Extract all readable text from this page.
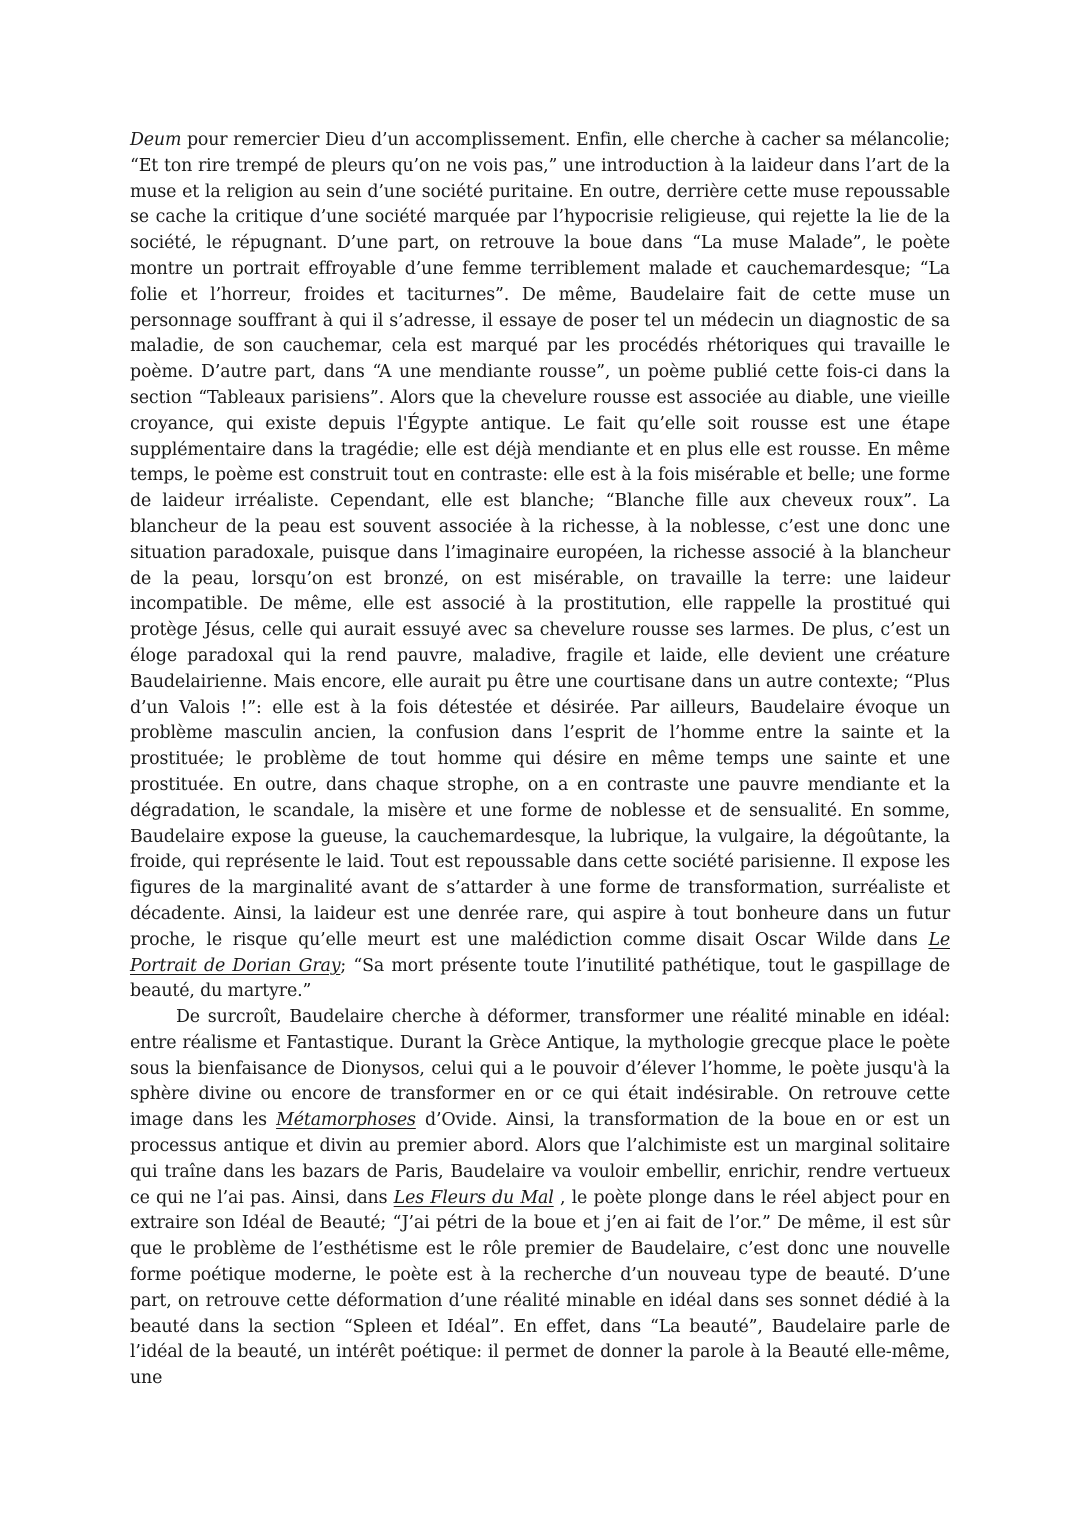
Deum pour remercier Dieu d’un accomplissement. Enfin, elle cherche à cacher sa mélancolie; “Et ton rire trempé de pleurs qu’on ne vois pas,” une introduction à la laideur dans l’art de la muse et la religion au sein d’une société puritaine. En outre, derrière cette muse repoussable se cache la critique d’une société marquée par l’hypocrisie religieuse, qui rejette la lie de la société, le répugnant. D’une part, on retrouve la boue dans “La muse Malade”, le poète montre un portrait effroyable d’une femme terriblement malade et cauchemardesque; “La folie et l’horreur, froides et taciturnes”. De même, Baudelaire fait de cette muse un personnage souffrant à qui il s’adresse, il essaye de poser tel un médecin un diagnostic de sa maladie, de son cauchemar, cela est marqué par les procédés rhétoriques qui travaille le poème. D’autre part, dans “A une mendiante rousse”, un poème publié cette fois-ci dans la section “Tableaux parisiens”. Alors que la chevelure rousse est associée au diable, une vieille croyance, qui existe depuis l'Égypte antique. Le fait qu’elle soit rousse est une étape supplémentaire dans la tragédie; elle est déjà mendiante et en plus elle est rousse. En même temps, le poème est construit tout en contraste: elle est à la fois misérable et belle; une forme de laideur irréaliste. Cependant, elle est blanche; “Blanche fille aux cheveux roux”. La blancheur de la peau est souvent associée à la richesse, à la noblesse, c’est une donc une situation paradoxale, puisque dans l’imaginaire européen, la richesse associé à la blancheur de la peau, lorsqu’on est bronzé, on est misérable, on travaille la terre: une laideur incompatible. De même, elle est associé à la prostitution, elle rappelle la prostitué qui protège Jésus, celle qui aurait essuyé avec sa chevelure rousse ses larmes. De plus, c’est un éloge paradoxal qui la rend pauvre, maladive, fragile et laide, elle devient une créature Baudelairienne. Mais encore, elle aurait pu être une courtisane dans un autre contexte; “Plus d’un Valois !”: elle est à la fois détestée et désirée. Par ailleurs, Baudelaire évoque un problème masculin ancien, la confusion dans l’esprit de l’homme entre la sainte et la prostituée; le problème de tout homme qui désire en même temps une sainte et une prostituée. En outre, dans chaque strophe, on a en contraste une pauvre mendiante et la dégradation, le scandale, la misère et une forme de noblesse et de sensualité. En somme, Baudelaire expose la gueuse, la cauchemardesque, la lubrique, la vulgaire, la dégoûtante, la froide, qui représente le laid. Tout est repoussable dans cette société parisienne. Il expose les figures de la marginalité avant de s’attarder à une forme de transformation, surréaliste et décadente. Ainsi, la laideur est une denrée rare, qui aspire à tout bonheure dans un futur proche, le risque qu’elle meurt est une malédiction comme disait Oscar Wilde dans Le Portrait de Dorian Gray; “Sa mort présente toute l’inutilité pathétique, tout le gaspillage de beauté, du martyre.”

De surcroît, Baudelaire cherche à déformer, transformer une réalité minable en idéal: entre réalisme et Fantastique. Durant la Grèce Antique, la mythologie grecque place le poète sous la bienfaisance de Dionysos, celui qui a le pouvoir d’élever l’homme, le poète jusqu'à la sphère divine ou encore de transformer en or ce qui était indésirable. On retrouve cette image dans les Métamorphoses d’Ovide. Ainsi, la transformation de la boue en or est un processus antique et divin au premier abord. Alors que l’alchimiste est un marginal solitaire qui traîne dans les bazars de Paris, Baudelaire va vouloir embellir, enrichir, rendre vertueux ce qui ne l’ai pas. Ainsi, dans Les Fleurs du Mal , le poète plonge dans le réel abject pour en extraire son Idéal de Beauté; “J’ai pétri de la boue et j’en ai fait de l’or.” De même, il est sûr que le problème de l’esthétisme est le rôle premier de Baudelaire, c’est donc une nouvelle forme poétique moderne, le poète est à la recherche d’un nouveau type de beauté. D’une part, on retrouve cette déformation d’une réalité minable en idéal dans ses sonnet dédié à la beauté dans la section “Spleen et Idéal”. En effet, dans “La beauté”, Baudelaire parle de l’idéal de la beauté, un intérêt poétique: il permet de donner la parole à la Beauté elle-même, une
